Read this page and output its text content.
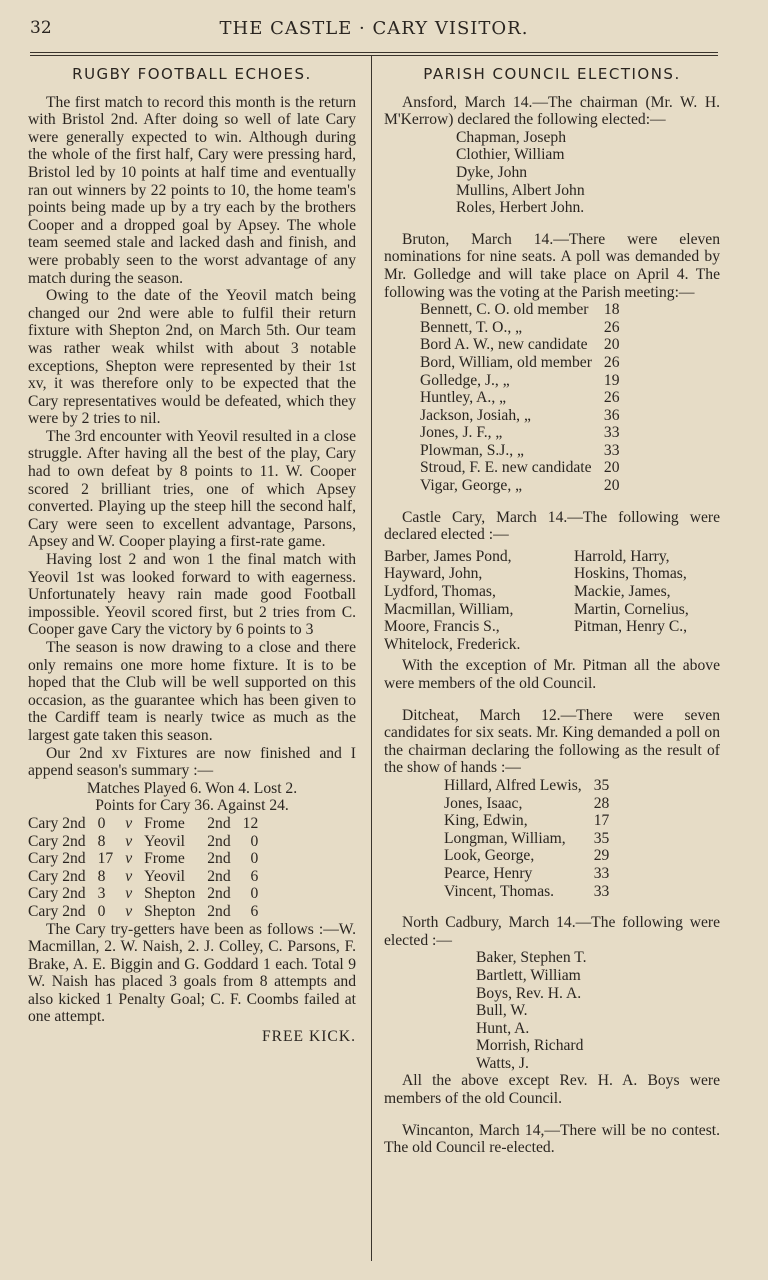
32	THE CASTLE · CARY VISITOR.
RUGBY FOOTBALL ECHOES.

The first match to record this month is the return with Bristol 2nd. After doing so well of late Cary were generally expected to win. Although during the whole of the first half, Cary were pressing hard, Bristol led by 10 points at half time and eventually ran out winners by 22 points to 10, the home team's points being made up by a try each by the brothers Cooper and a dropped goal by Apsey. The whole team seemed stale and lacked dash and finish, and were probably seen to the worst advantage of any match during the season.

Owing to the date of the Yeovil match being changed our 2nd were able to fulfil their return fixture with Shepton 2nd, on March 5th. Our team was rather weak whilst with about 3 notable exceptions, Shepton were represented by their 1st xv, it was therefore only to be expected that the Cary representatives would be defeated, which they were by 2 tries to nil.

The 3rd encounter with Yeovil resulted in a close struggle. After having all the best of the play, Cary had to own defeat by 8 points to 11. W. Cooper scored 2 brilliant tries, one of which Apsey converted. Playing up the steep hill the second half, Cary were seen to excellent advantage, Parsons, Apsey and W. Cooper playing a first-rate game.

Having lost 2 and won 1 the final match with Yeovil 1st was looked forward to with eagerness. Unfortunately heavy rain made good Football impossible. Yeovil scored first, but 2 tries from C. Cooper gave Cary the victory by 6 points to 3

The season is now drawing to a close and there only remains one more home fixture. It is to be hoped that the Club will be well supported on this occasion, as the guarantee which has been given to the Cardiff team is nearly twice as much as the largest gate taken this season.

Our 2nd xv Fixtures are now finished and I append season's summary :—

Matches Played 6. Won 4. Lost 2.
Points for Cary 36. Against 24.
Cary 2nd	0	v	Frome	2nd	12
Cary 2nd	8	v	Yeovil	2nd	0
Cary 2nd	17	v	Frome	2nd	0
Cary 2nd	8	v	Yeovil	2nd	6
Cary 2nd	3	v	Shepton	2nd	0
Cary 2nd	0	v	Shepton	2nd	6

The Cary try-getters have been as follows :—W. Macmillan, 2. W. Naish, 2. J. Colley, C. Parsons, F. Brake, A. E. Biggin and G. Goddard 1 each. Total 9 W. Naish has placed 3 goals from 8 attempts and also kicked 1 Penalty Goal; C. F. Coombs failed at one attempt.

FREE KICK.
PARISH COUNCIL ELECTIONS.

Ansford, March 14.—The chairman (Mr. W. H. M'Kerrow) declared the following elected:—

Chapman, Joseph
Clothier, William
Dyke, John
Mullins, Albert John
Roles, Herbert John.

Bruton, March 14.—There were eleven nominations for nine seats. A poll was demanded by Mr. Golledge and will take place on April 4. The following was the voting at the Parish meeting:—

Bennett, C. O. old member	18
Bennett, T. O., „	26
Bord A. W., new candidate	20
Bord, William, old member	26
Golledge, J., „	19
Huntley, A., „	26
Jackson, Josiah, „	36
Jones, J. F., „	33
Plowman, S.J., „	33
Stroud, F. E. new candidate	20
Vigar, George, „	20

Castle Cary, March 14.—The following were declared elected :—

Barber, James Pond,	Harrold, Harry,
Hayward, John,	Hoskins, Thomas,
Lydford, Thomas,	Mackie, James,
Macmillan, William,	Martin, Cornelius,
Moore, Francis S.,	Pitman, Henry C.,
Whitelock, Frederick.

With the exception of Mr. Pitman all the above were members of the old Council.

Ditcheat, March 12.—There were seven candidates for six seats. Mr. King demanded a poll on the chairman declaring the following as the result of the show of hands :—

Hillard, Alfred Lewis,	35
Jones, Isaac,	28
King, Edwin,	17
Longman, William,	35
Look, George,	29
Pearce, Henry	33
Vincent, Thomas.	33

North Cadbury, March 14.—The following were elected :—

Baker, Stephen T.
Bartlett, William
Boys, Rev. H. A.
Bull, W.
Hunt, A.
Morrish, Richard
Watts, J.

All the above except Rev. H. A. Boys were members of the old Council.

Wincanton, March 14,—There will be no contest. The old Council re-elected.
